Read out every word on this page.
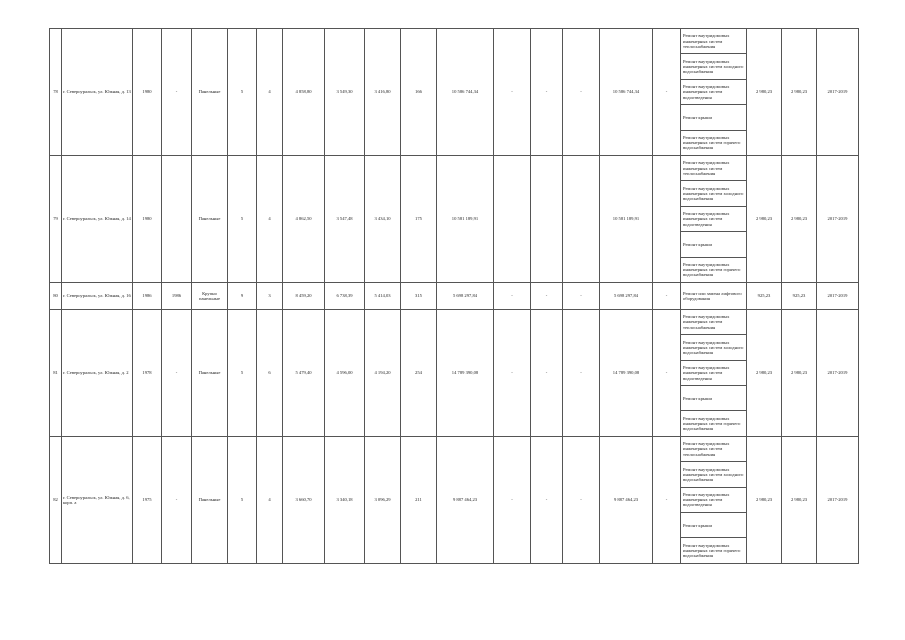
78	г. Североуральск, ул. Южная, д. 13	1980	-	Панельные	5	4	4 858,80	3 549,30	3 416,80	166	10 586 744,34	-	-	-	10 586 744,34	-	Ремонт внутридомовых инженерных систем теплоснабжения	2 980,23	2 980,23	2017-2019
																	Ремонт внутридомовых инженерных систем холодного водоснабжения			
																	Ремонт внутридомовых инженерных систем водоотведения			
																	Ремонт крыши			
																	Ремонт внутридомовых инженерных систем горячего водоснабжения			
79	г. Североуральск, ул. Южная, д. 14	1980		Панельные	5	4	4 862,50	3 547,48	3 434,10	175	10 581 189,91				10 581 189,91		Ремонт внутридомовых инженерных систем теплоснабжения	2 980,23	2 980,23	2017-2019
																	Ремонт внутридомовых инженерных систем холодного водоснабжения			
																	Ремонт внутридомовых инженерных систем водоотведения			
																	Ремонт крыши			
																	Ремонт внутридомовых инженерных систем горячего водоснабжения			
80	г. Североуральск, ул. Южная, д. 16	1986	1986	Крупно панельные	9	3	8 459,20	6 738,39	5 414,03	315	5 698 297,84	-	-	-	5 698 297,84	-	Ремонт или замена лифтового оборудования	925,23	925,23	2017-2019
81	г. Североуральск, ул. Южная, д. 2	1978	-	Панельные	5	6	5 479,40	4 596,00	4 194,20	254	14 789 390,08	-	-	-	14 789 390,08	-	Ремонт внутридомовых инженерных систем теплоснабжения	2 980,23	2 980,23	2017-2019
																	Ремонт внутридомовых инженерных систем холодного водоснабжения			
																	Ремонт внутридомовых инженерных систем водоотведения			
																	Ремонт крыши			
																	Ремонт внутридомовых инженерных систем горячего водоснабжения			
82	г. Североуральск, ул. Южная, д. 6, корп. а	1975	-	Панельные	5	4	3 660,70	3 340,18	3 096,29	211	9 887 464,23	-	-	-	9 887 464,23	-	Ремонт внутридомовых инженерных систем теплоснабжения	2 980,23	2 980,23	2017-2019
																	Ремонт внутридомовых инженерных систем холодного водоснабжения			
																	Ремонт внутридомовых инженерных систем водоотведения			
																	Ремонт крыши			
																	Ремонт внутридомовых инженерных систем горячего водоснабжения			
